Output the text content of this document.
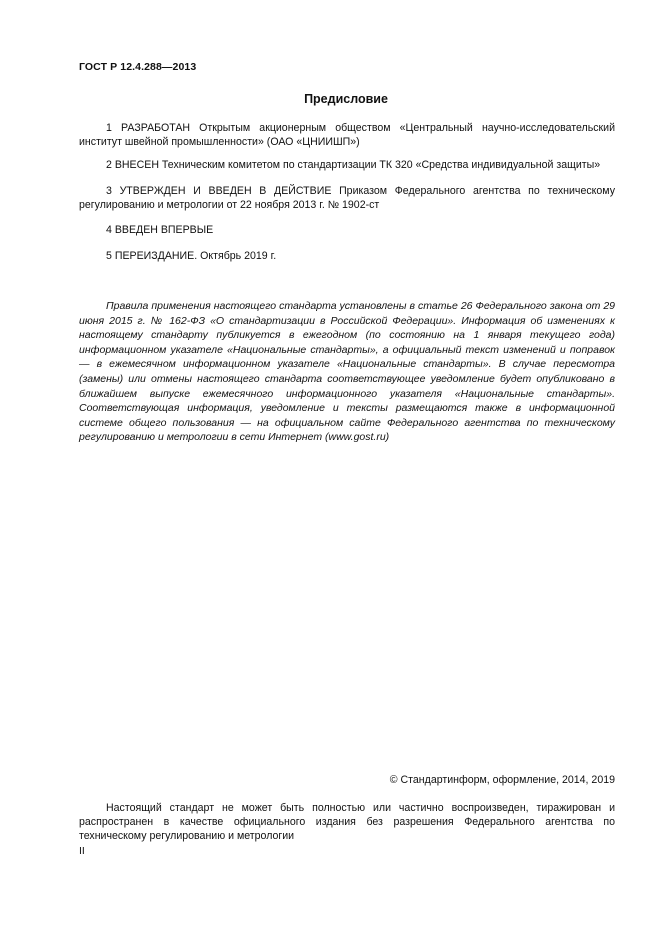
ГОСТ Р 12.4.288—2013
Предисловие
1 РАЗРАБОТАН Открытым акционерным обществом «Центральный научно-исследовательский институт швейной промышленности» (ОАО «ЦНИИШП»)
2 ВНЕСЕН Техническим комитетом по стандартизации ТК 320 «Средства индивидуальной защиты»
3 УТВЕРЖДЕН И ВВЕДЕН В ДЕЙСТВИЕ Приказом Федерального агентства по техническому регулированию и метрологии от 22 ноября 2013 г. № 1902-ст
4 ВВЕДЕН ВПЕРВЫЕ
5 ПЕРЕИЗДАНИЕ. Октябрь 2019 г.
Правила применения настоящего стандарта установлены в статье 26 Федерального закона от 29 июня 2015 г. № 162-ФЗ «О стандартизации в Российской Федерации». Информация об изменениях к настоящему стандарту публикуется в ежегодном (по состоянию на 1 января текущего года) информационном указателе «Национальные стандарты», а официальный текст изменений и поправок — в ежемесячном информационном указателе «Национальные стандарты». В случае пересмотра (замены) или отмены настоящего стандарта соответствующее уведомление будет опубликовано в ближайшем выпуске ежемесячного информационного указателя «Национальные стандарты». Соответствующая информация, уведомление и тексты размещаются также в информационной системе общего пользования — на официальном сайте Федерального агентства по техническому регулированию и метрологии в сети Интернет (www.gost.ru)
© Стандартинформ, оформление, 2014, 2019
Настоящий стандарт не может быть полностью или частично воспроизведен, тиражирован и распространен в качестве официального издания без разрешения Федерального агентства по техническому регулированию и метрологии
II
